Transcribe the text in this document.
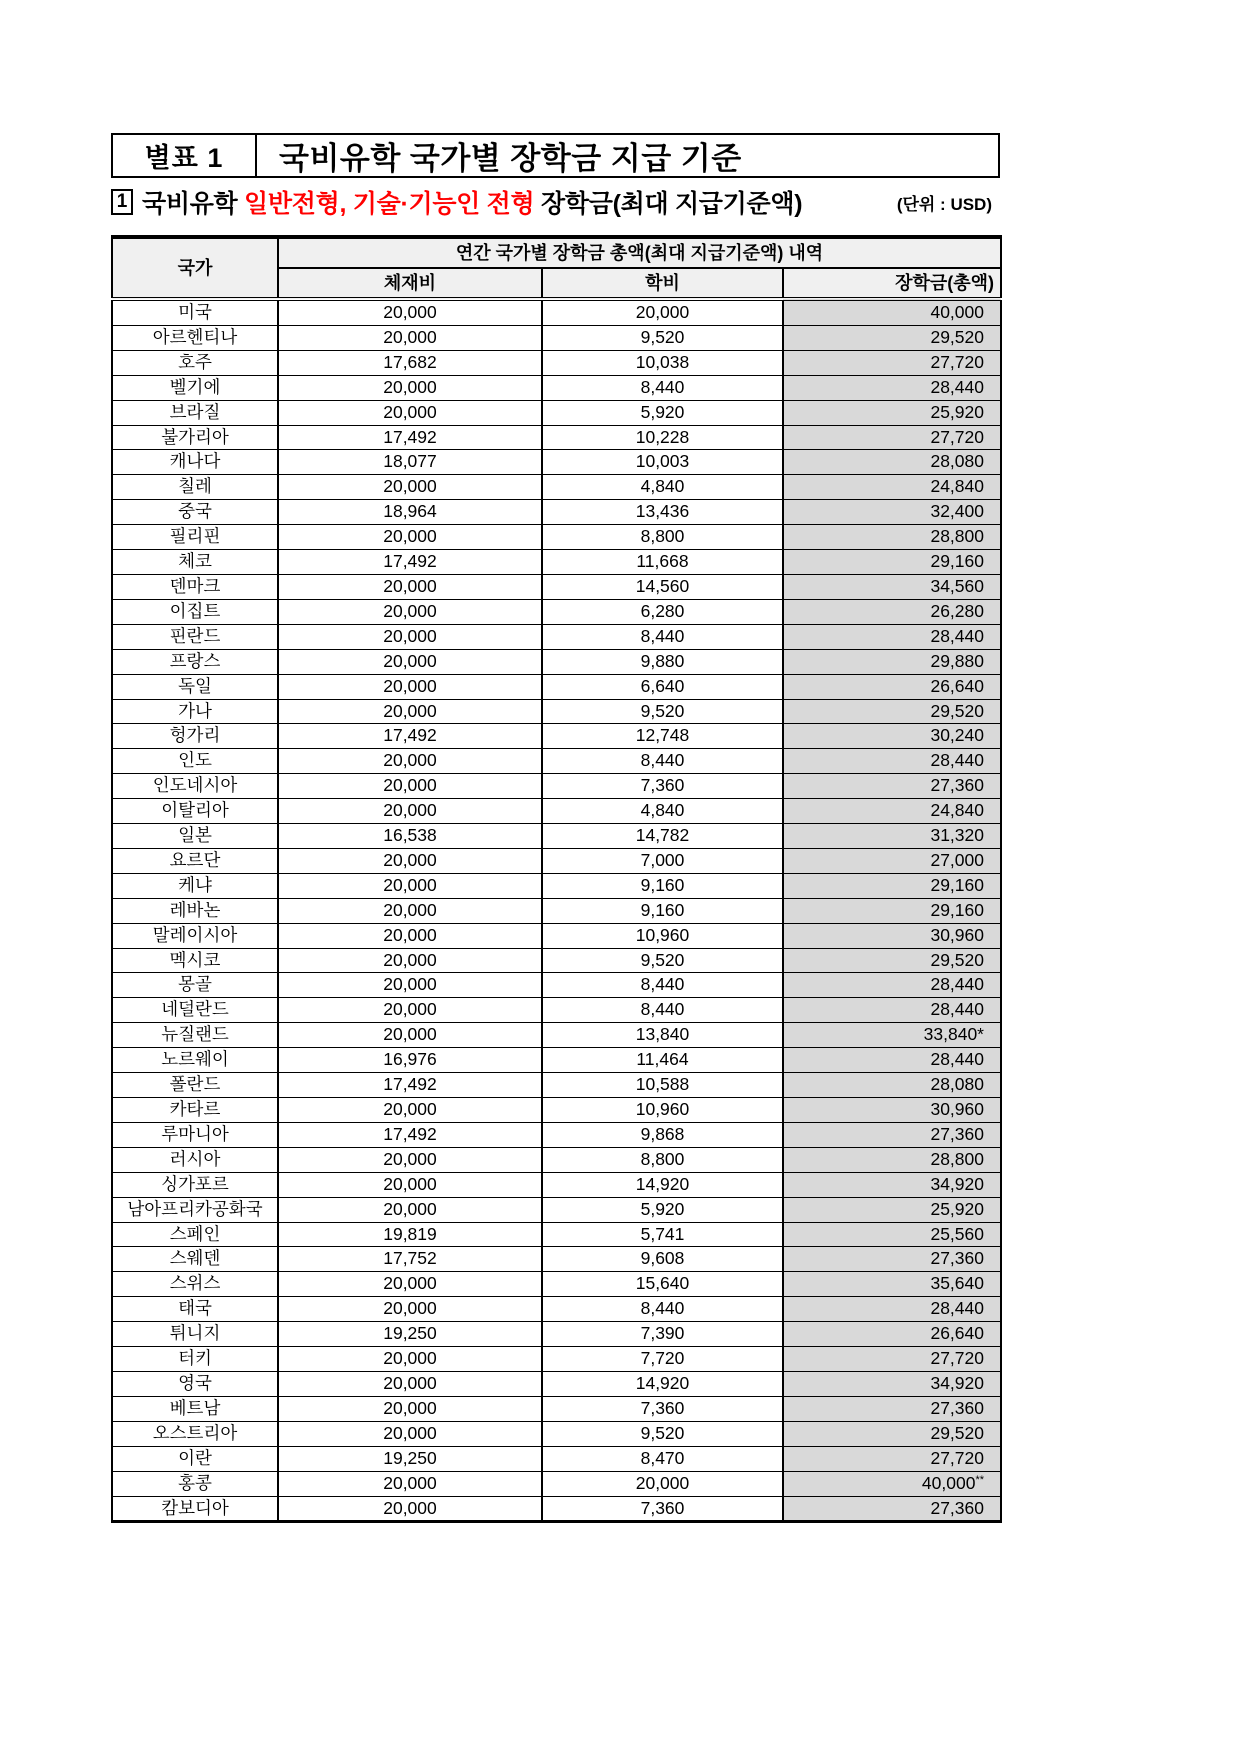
별표 1	국비유학 국가별 장학금 지급 기준
1 국비유학 일반전형, 기술·기능인 전형 장학금(최대 지급기준액)	(단위 : USD)
국가	연간 국가별 장학금 총액(최대 지급기준액) 내역		
	체재비	학비	장학금(총액)
미국	20,000	20,000	40,000
아르헨티나	20,000	9,520	29,520
호주	17,682	10,038	27,720
벨기에	20,000	8,440	28,440
브라질	20,000	5,920	25,920
불가리아	17,492	10,228	27,720
캐나다	18,077	10,003	28,080
칠레	20,000	4,840	24,840
중국	18,964	13,436	32,400
필리핀	20,000	8,800	28,800
체코	17,492	11,668	29,160
덴마크	20,000	14,560	34,560
이집트	20,000	6,280	26,280
핀란드	20,000	8,440	28,440
프랑스	20,000	9,880	29,880
독일	20,000	6,640	26,640
가나	20,000	9,520	29,520
헝가리	17,492	12,748	30,240
인도	20,000	8,440	28,440
인도네시아	20,000	7,360	27,360
이탈리아	20,000	4,840	24,840
일본	16,538	14,782	31,320
요르단	20,000	7,000	27,000
케냐	20,000	9,160	29,160
레바논	20,000	9,160	29,160
말레이시아	20,000	10,960	30,960
멕시코	20,000	9,520	29,520
몽골	20,000	8,440	28,440
네덜란드	20,000	8,440	28,440
뉴질랜드	20,000	13,840	33,840*
노르웨이	16,976	11,464	28,440
폴란드	17,492	10,588	28,080
카타르	20,000	10,960	30,960
루마니아	17,492	9,868	27,360
러시아	20,000	8,800	28,800
싱가포르	20,000	14,920	34,920
남아프리카공화국	20,000	5,920	25,920
스페인	19,819	5,741	25,560
스웨덴	17,752	9,608	27,360
스위스	20,000	15,640	35,640
태국	20,000	8,440	28,440
튀니지	19,250	7,390	26,640
터키	20,000	7,720	27,720
영국	20,000	14,920	34,920
베트남	20,000	7,360	27,360
오스트리아	20,000	9,520	29,520
이란	19,250	8,470	27,720
홍콩	20,000	20,000	40,000**
캄보디아	20,000	7,360	27,360
